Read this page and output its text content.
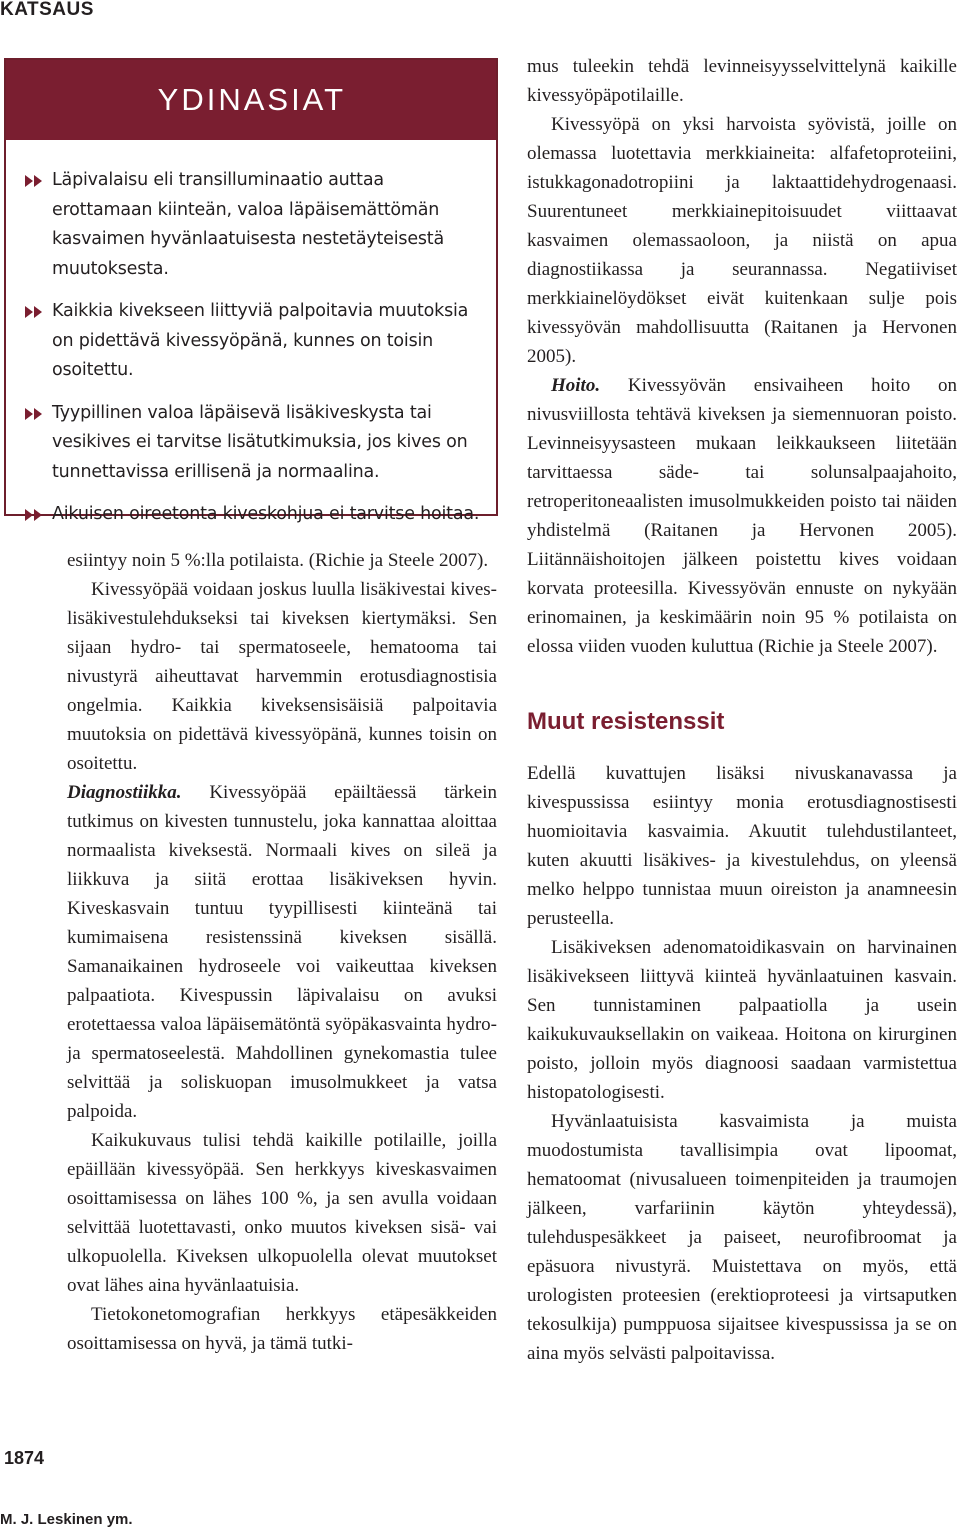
KATSAUS
YDINASIAT
Läpivalaisu eli transilluminaatio auttaa erottamaan kiinteän, valoa läpäisemättömän kasvaimen hyvänlaatuisesta nestetäyteisestä muutoksesta.
Kaikkia kivekseen liittyviä palpoitavia muutoksia on pidettävä kivessyöpänä, kunnes on toisin osoitettu.
Tyypillinen valoa läpäisevä lisäkiveskysta tai vesikives ei tarvitse lisätutkimuksia, jos kives on tunnettavissa erillisenä ja normaalina.
Aikuisen oireetonta kiveskohjua ei tarvitse hoitaa.

esiintyy noin 5 %:lla potilaista. (Richie ja Steele 2007).

Kivessyöpää voidaan joskus luulla lisäkivestai kives-lisäkivestulehdukseksi tai kiveksen kiertymäksi. Sen sijaan hydro- tai spermatoseele, hematooma tai nivustyrä aiheuttavat harvemmin erotusdiagnostisia ongelmia. Kaikkia kiveksensisäisiä palpoitavia muutoksia on pidettävä kivessyöpänä, kunnes toisin on osoitettu.

Diagnostiikka. Kivessyöpää epäiltäessä tärkein tutkimus on kivesten tunnustelu, joka kannattaa aloittaa normaalista kiveksestä. Normaali kives on sileä ja liikkuva ja siitä erottaa lisäkiveksen hyvin. Kiveskasvain tuntuu tyypillisesti kiinteänä tai kumimaisena resistenssinä kiveksen sisällä. Samanaikainen hydroseele voi vaikeuttaa kiveksen palpaatiota. Kivespussin läpivalaisu on avuksi erotettaessa valoa läpäisemätöntä syöpäkasvainta hydro- ja spermatoseelestä. Mahdollinen gynekomastia tulee selvittää ja soliskuopan imusolmukkeet ja vatsa palpoida.

Kaikukuvaus tulisi tehdä kaikille potilaille, joilla epäillään kivessyöpää. Sen herkkyys kiveskasvaimen osoittamisessa on lähes 100 %, ja sen avulla voidaan selvittää luotettavasti, onko muutos kiveksen sisä- vai ulkopuolella. Kiveksen ulkopuolella olevat muutokset ovat lähes aina hyvänlaatuisia.

Tietokonetomografian herkkyys etäpesäkkeiden osoittamisessa on hyvä, ja tämä tutki-

mus tuleekin tehdä levinneisyysselvittelynä kaikille kivessyöpäpotilaille.

Kivessyöpä on yksi harvoista syövistä, joille on olemassa luotettavia merkkiaineita: alfafetoproteiini, istukkagonadotropiini ja laktaattidehydrogenaasi. Suurentuneet merkkiainepitoisuudet viittaavat kasvaimen olemassaoloon, ja niistä on apua diagnostiikassa ja seurannassa. Negatiiviset merkkiainelöydökset eivät kuitenkaan sulje pois kivessyövän mahdollisuutta (Raitanen ja Hervonen 2005).

Hoito. Kivessyövän ensivaiheen hoito on nivusviillosta tehtävä kiveksen ja siemennuoran poisto. Levinneisyysasteen mukaan leikkaukseen liitetään tarvittaessa säde- tai solunsalpaajahoito, retroperitoneaalisten imusolmukkeiden poisto tai näiden yhdistelmä (Raitanen ja Hervonen 2005). Liitännäishoitojen jälkeen poistettu kives voidaan korvata proteesilla. Kivessyövän ennuste on nykyään erinomainen, ja keskimäärin noin 95 % potilaista on elossa viiden vuoden kuluttua (Richie ja Steele 2007).

Muut resistenssit

Edellä kuvattujen lisäksi nivuskanavassa ja kivespussissa esiintyy monia erotusdiagnostisesti huomioitavia kasvaimia. Akuutit tulehdustilanteet, kuten akuutti lisäkives- ja kivestulehdus, on yleensä melko helppo tunnistaa muun oireiston ja anamneesin perusteella.

Lisäkiveksen adenomatoidikasvain on harvinainen lisäkivekseen liittyvä kiinteä hyvänlaatuinen kasvain. Sen tunnistaminen palpaatiolla ja usein kaikukuvauksellakin on vaikeaa. Hoitona on kirurginen poisto, jolloin myös diagnoosi saadaan varmistettua histopatologisesti.

Hyvänlaatuisista kasvaimista ja muista muodostumista tavallisimpia ovat lipoomat, hematoomat (nivusalueen toimenpiteiden ja traumojen jälkeen, varfariinin käytön yhteydessä), tulehduspesäkkeet ja paiseet, neurofibroomat ja epäsuora nivustyrä. Muistettava on myös, että urologisten proteesien (erektioproteesi ja virtsaputken tekosulkija) pumppuosa sijaitsee kivespussissa ja se on aina myös selvästi palpoitavissa.

1874
M. J. Leskinen ym.
